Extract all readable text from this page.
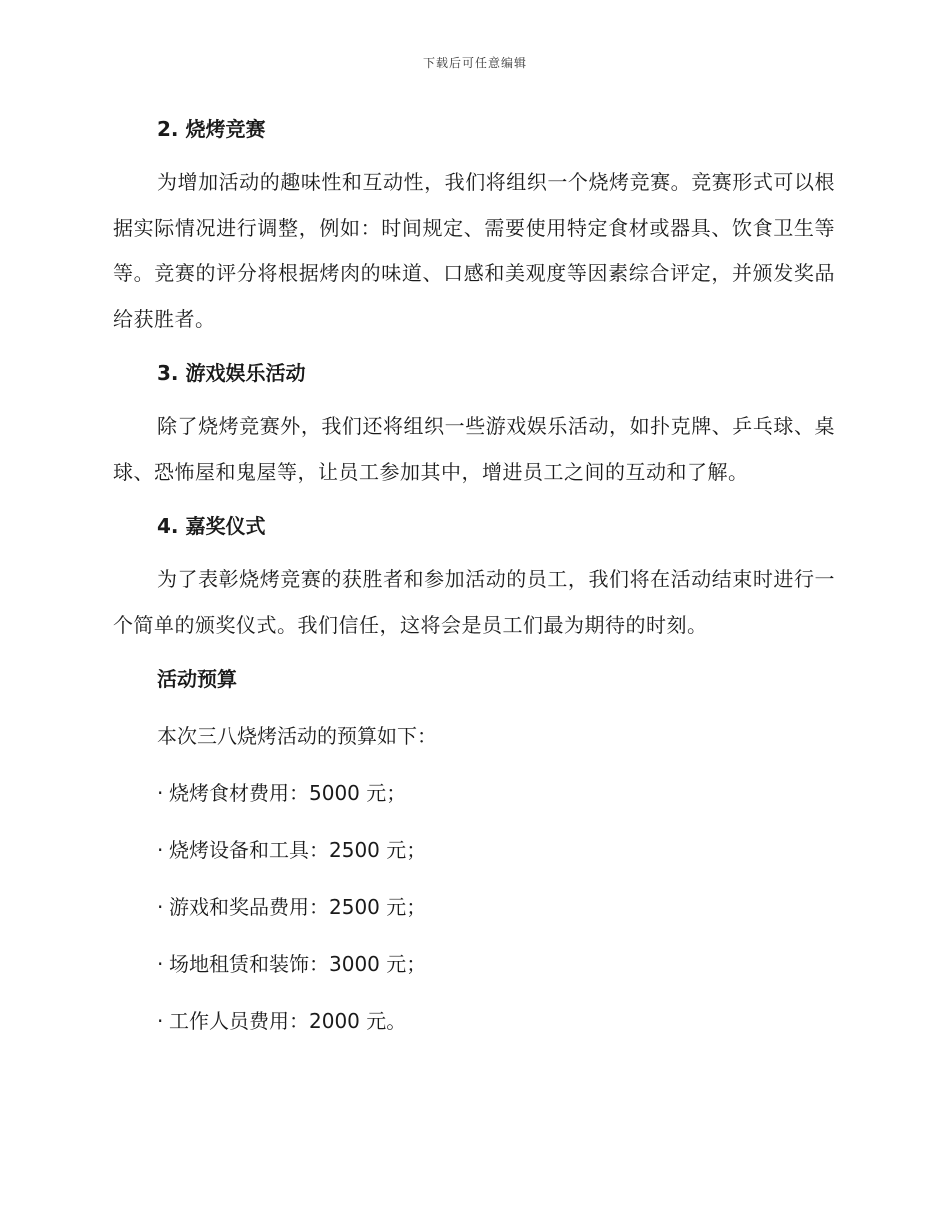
下载后可任意编辑

2. 烧烤竞赛

为增加活动的趣味性和互动性，我们将组织一个烧烤竞赛。竞赛形式可以根据实际情况进行调整，例如：时间规定、需要使用特定食材或器具、饮食卫生等等。竞赛的评分将根据烤肉的味道、口感和美观度等因素综合评定，并颁发奖品给获胜者。

3. 游戏娱乐活动

除了烧烤竞赛外，我们还将组织一些游戏娱乐活动，如扑克牌、乒乓球、桌球、恐怖屋和鬼屋等，让员工参加其中，增进员工之间的互动和了解。

4. 嘉奖仪式

为了表彰烧烤竞赛的获胜者和参加活动的员工，我们将在活动结束时进行一个简单的颁奖仪式。我们信任，这将会是员工们最为期待的时刻。

活动预算

本次三八烧烤活动的预算如下：

· 烧烤食材费用：5000 元；

· 烧烤设备和工具：2500 元；

· 游戏和奖品费用：2500 元；

· 场地租赁和装饰：3000 元；

· 工作人员费用：2000 元。
